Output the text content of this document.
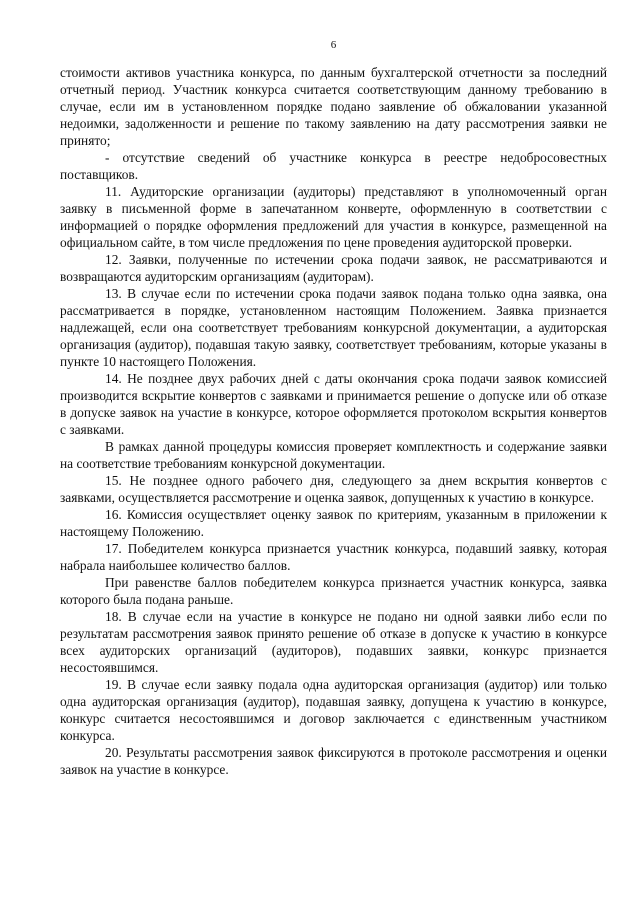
6

стоимости активов участника конкурса, по данным бухгалтерской отчетности за последний отчетный период. Участник конкурса считается соответствующим данному требованию в случае, если им в установленном порядке подано заявление об обжаловании указанной недоимки, задолженности и решение по такому заявлению на дату рассмотрения заявки не принято;

- отсутствие сведений об участнике конкурса в реестре недобросовестных поставщиков.

11. Аудиторские организации (аудиторы) представляют в уполномоченный орган заявку в письменной форме в запечатанном конверте, оформленную в соответствии с информацией о порядке оформления предложений для участия в конкурсе, размещенной на официальном сайте, в том числе предложения по цене проведения аудиторской проверки.

12. Заявки, полученные по истечении срока подачи заявок, не рассматриваются и возвращаются аудиторским организациям (аудиторам).

13. В случае если по истечении срока подачи заявок подана только одна заявка, она рассматривается в порядке, установленном настоящим Положением. Заявка признается надлежащей, если она соответствует требованиям конкурсной документации, а аудиторская организация (аудитор), подавшая такую заявку, соответствует требованиям, которые указаны в пункте 10 настоящего Положения.

14. Не позднее двух рабочих дней с даты окончания срока подачи заявок комиссией производится вскрытие конвертов с заявками и принимается решение о допуске или об отказе в допуске заявок на участие в конкурсе, которое оформляется протоколом вскрытия конвертов с заявками.

В рамках данной процедуры комиссия проверяет комплектность и содержание заявки на соответствие требованиям конкурсной документации.

15. Не позднее одного рабочего дня, следующего за днем вскрытия конвертов с заявками, осуществляется рассмотрение и оценка заявок, допущенных к участию в конкурсе.

16. Комиссия осуществляет оценку заявок по критериям, указанным в приложении к настоящему Положению.

17. Победителем конкурса признается участник конкурса, подавший заявку, которая набрала наибольшее количество баллов.

При равенстве баллов победителем конкурса признается участник конкурса, заявка которого была подана раньше.

18. В случае если на участие в конкурсе не подано ни одной заявки либо если по результатам рассмотрения заявок принято решение об отказе в допуске к участию в конкурсе всех аудиторских организаций (аудиторов), подавших заявки, конкурс признается несостоявшимся.

19. В случае если заявку подала одна аудиторская организация (аудитор) или только одна аудиторская организация (аудитор), подавшая заявку, допущена к участию в конкурсе, конкурс считается несостоявшимся и договор заключается с единственным участником конкурса.

20. Результаты рассмотрения заявок фиксируются в протоколе рассмотрения и оценки заявок на участие в конкурсе.
